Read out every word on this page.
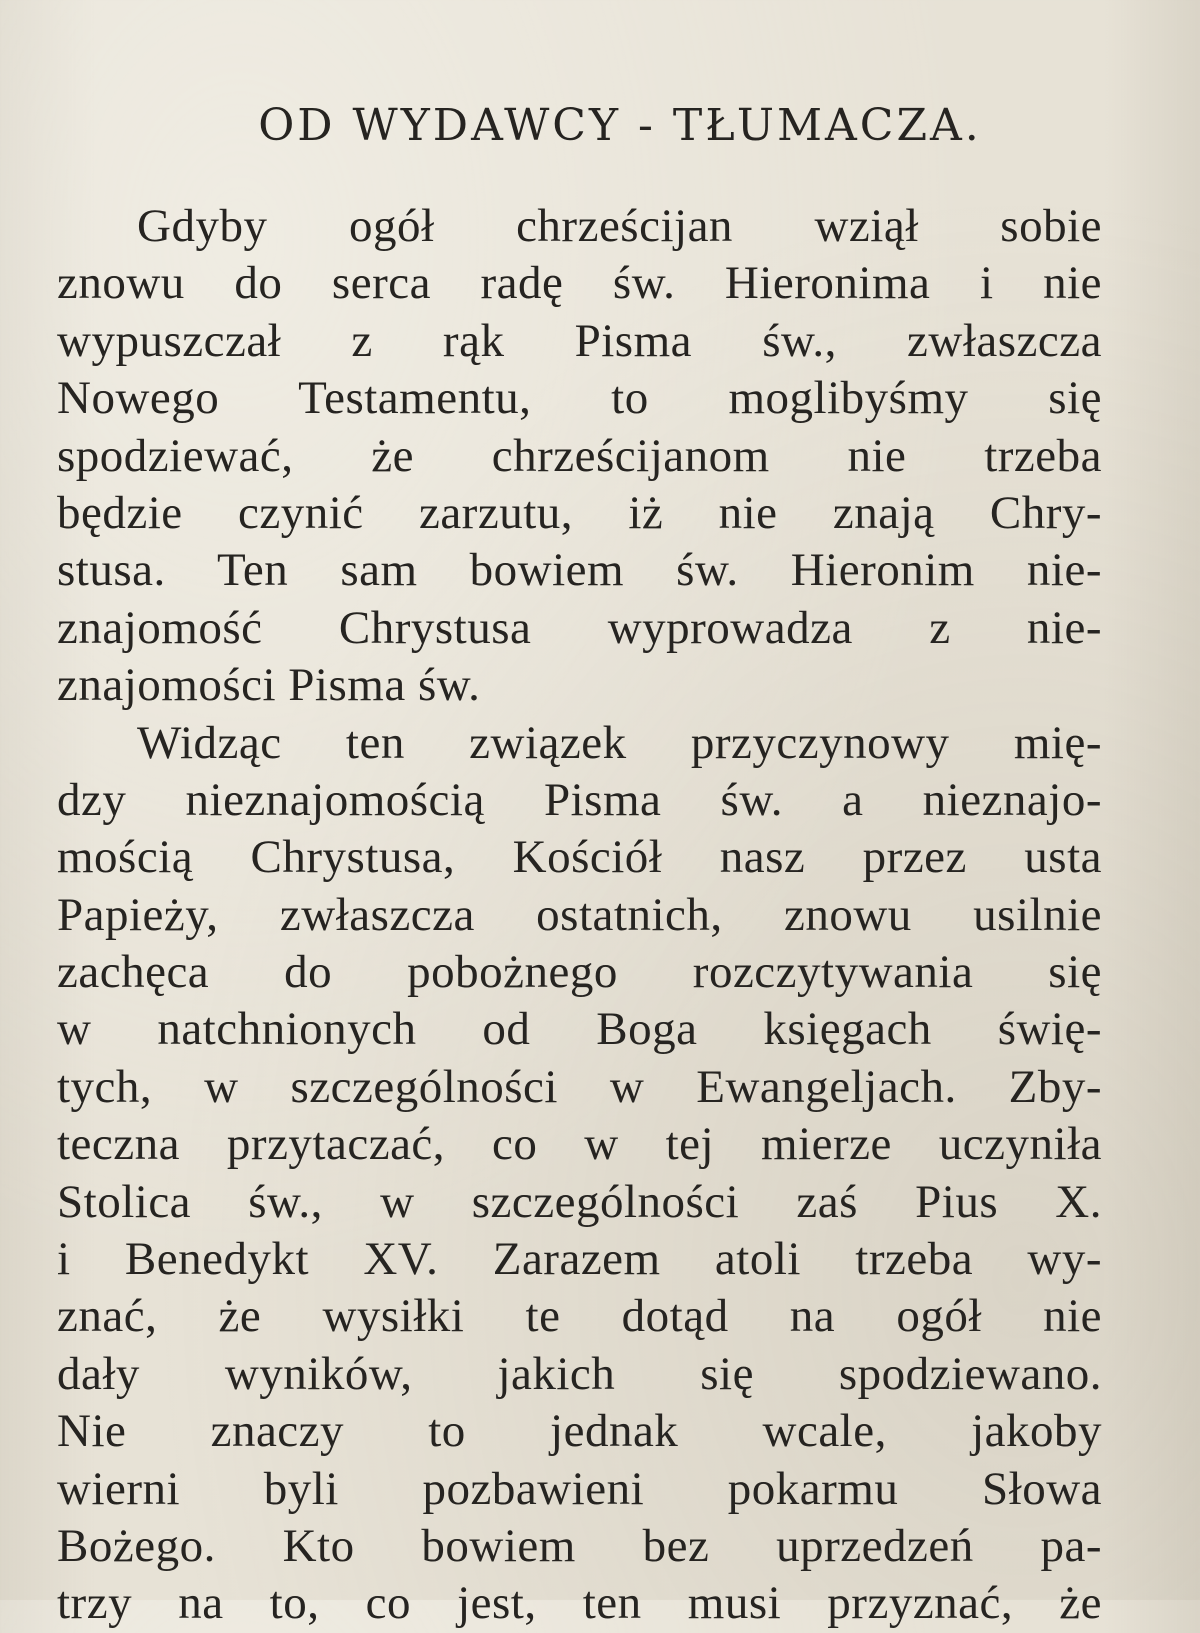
OD WYDAWCY - TŁUMACZA.
Gdyby ogół chrześcijan wziął sobie
znowu do serca radę św. Hieronima i nie
wypuszczał z rąk Pisma św., zwłaszcza
Nowego Testamentu, to moglibyśmy się
spodziewać, że chrześcijanom nie trzeba
będzie czynić zarzutu, iż nie znają Chry-
stusa. Ten sam bowiem św. Hieronim nie-
znajomość Chrystusa wyprowadza z nie-
znajomości Pisma św.
Widząc ten związek przyczynowy mię-
dzy nieznajomością Pisma św. a nieznajo-
mością Chrystusa, Kościół nasz przez usta
Papieży, zwłaszcza ostatnich, znowu usilnie
zachęca do pobożnego rozczytywania się
w natchnionych od Boga księgach świę-
tych, w szczególności w Ewangeljach. Zby-
teczna przytaczać, co w tej mierze uczyniła
Stolica św., w szczególności zaś Pius X.
i Benedykt XV. Zarazem atoli trzeba wy-
znać, że wysiłki te dotąd na ogół nie
dały wyników, jakich się spodziewano.
Nie znaczy to jednak wcale, jakoby
wierni byli pozbawieni pokarmu Słowa
Bożego. Kto bowiem bez uprzedzeń pa-
trzy na to, co jest, ten musi przyznać, że
